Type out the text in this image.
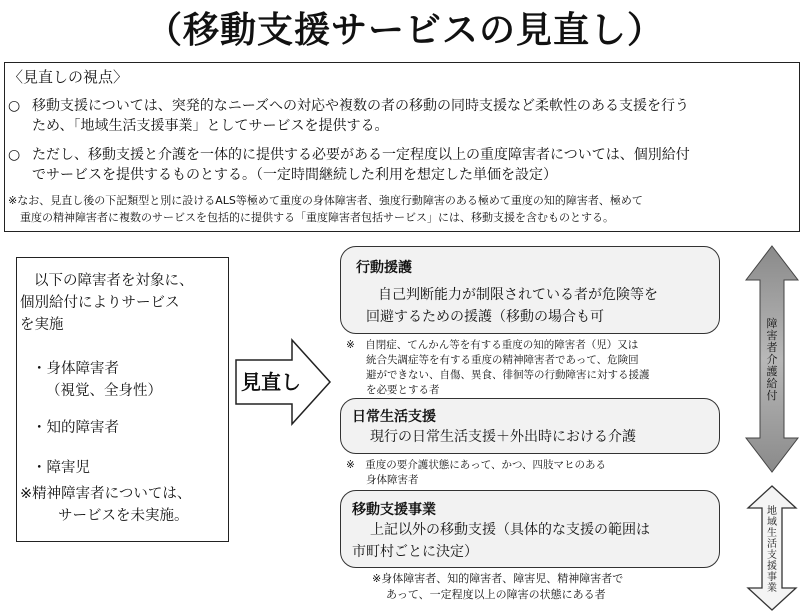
（移動支援サービスの見直し）
〈見直しの視点〉
○ 移動支援については、突発的なニーズへの対応や複数の者の移動の同時支援など柔軟性のある支援を行う
ため、「地域生活支援事業」としてサービスを提供する。
○ ただし、移動支援と介護を一体的に提供する必要がある一定程度以上の重度障害者については、個別給付
でサービスを提供するものとする。（一定時間継続した利用を想定した単価を設定）
※なお、見直し後の下記類型と別に設けるALS等極めて重度の身体障害者、強度行動障害のある極めて重度の知的障害者、極めて
重度の精神障害者に複数のサービスを包括的に提供する「重度障害者包括サービス」には、移動支援を含むものとする。
以下の障害者を対象に、
個別給付によりサービス
を実施
・身体障害者
（視覚、全身性）
・知的障害者
・障害児
※精神障害者については、
サービスを未実施。
見直し
行動援護
自己判断能力が制限されている者が危険等を
回避するための援護（移動の場合も可
※　自閉症、てんかん等を有する重度の知的障害者（児）又は
統合失調症等を有する重度の精神障害者であって、危険回
避ができない、自傷、異食、徘徊等の行動障害に対する援護
を必要とする者
日常生活支援
現行の日常生活支援＋外出時における介護
※　重度の要介護状態にあって、かつ、四肢マヒのある
身体障害者
移動支援事業
上記以外の移動支援（具体的な支援の範囲は
市町村ごとに決定）
※身体障害者、知的障害者、障害児、精神障害者で
あって、一定程度以上の障害の状態にある者
障
害
者
介
護
給
付
地
域
生
活
支
援
事
業
